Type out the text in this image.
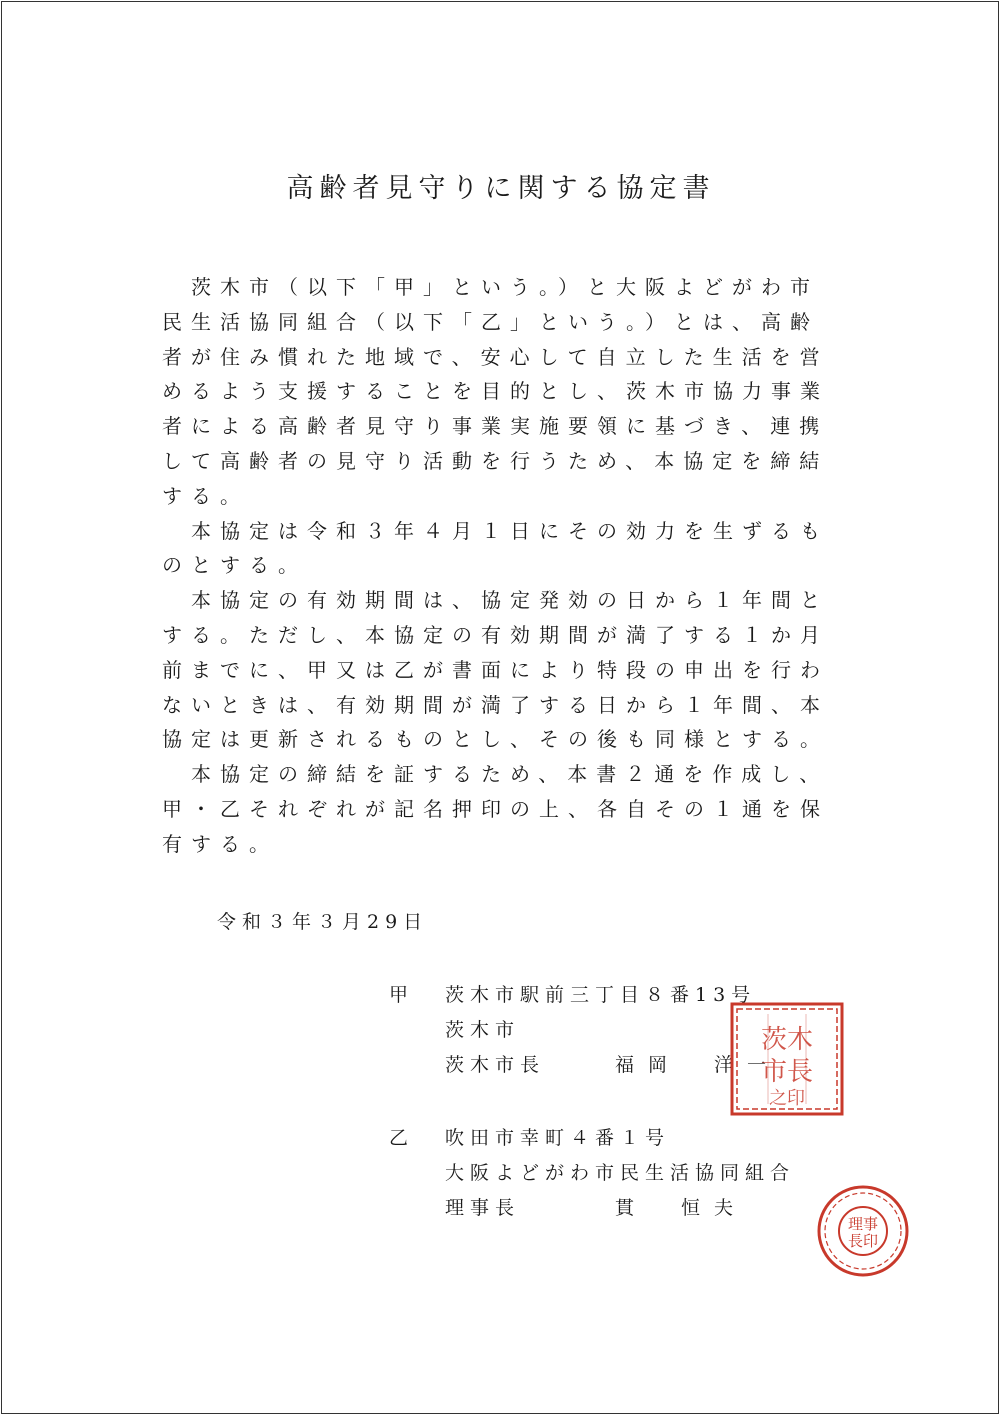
高齢者見守りに関する協定書

茨木市（以下「甲」という。）と大阪よどがわ市民生活協同組合（以下「乙」という。）とは、高齢者が住み慣れた地域で、安心して自立した生活を営めるよう支援することを目的とし、茨木市協力事業者による高齢者見守り事業実施要領に基づき、連携して高齢者の見守り活動を行うため、本協定を締結する。

本協定は令和３年４月１日にその効力を生ずるものとする。

本協定の有効期間は、協定発効の日から１年間とする。ただし、本協定の有効期間が満了する１か月前までに、甲又は乙が書面により特段の申出を行わないときは、有効期間が満了する日から１年間、本協定は更新されるものとし、その後も同様とする。

本協定の締結を証するため、本書２通を作成し、甲・乙それぞれが記名押印の上、各自その１通を保有する。

令和３年３月29日
甲 茨木市駅前三丁目８番13号
茨木市
茨木市長	福岡　洋一
茨木
市長
之印
乙 吹田市幸町４番１号
大阪よどがわ市民生活協同組合
理事長	貫　恒夫
理事
長印
